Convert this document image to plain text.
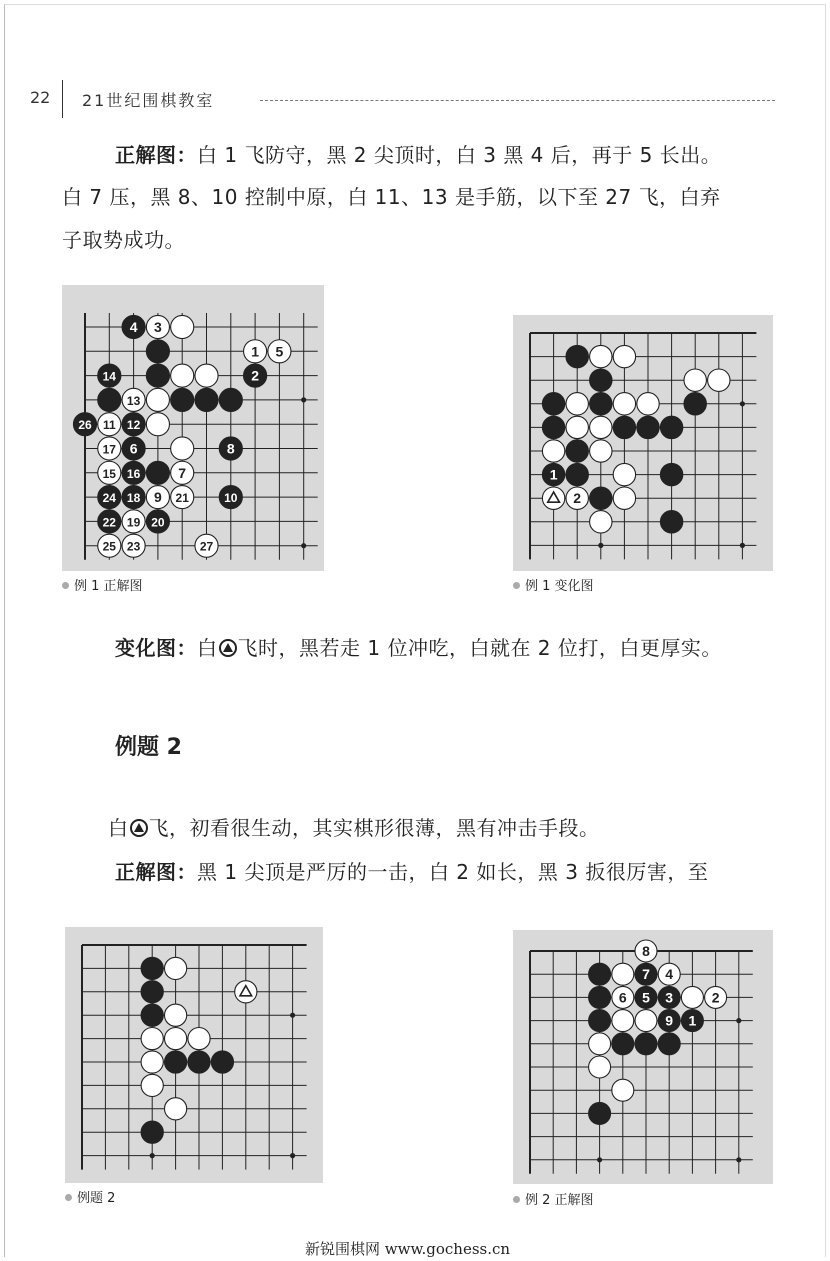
22 21世纪围棋教室
正解图：白 1 飞防守，黑 2 尖顶时，白 3 黑 4 后，再于 5 长出。
白 7 压，黑 8、10 控制中原，白 11、13 是手筋，以下至 27 飞，白弃
子取势成功。
4 3
1 5
14	2
13
26 11 12
17 6	8
15 16	7
24 18 9 21	10
22 19 20
25 23	27
例 1 正解图
1
2
例 1 变化图
变化图：白 飞时，黑若走 1 位冲吃，白就在 2 位打，白更厚实。
例题 2
白 飞，初看很生动，其实棋形很薄，黑有冲击手段。
正解图：黑 1 尖顶是严厉的一击，白 2 如长，黑 3 扳很厉害，至
例题 2
8
7 4
6 5 3	2
9 1
例 2 正解图
新锐围棋网 www.gochess.cn
